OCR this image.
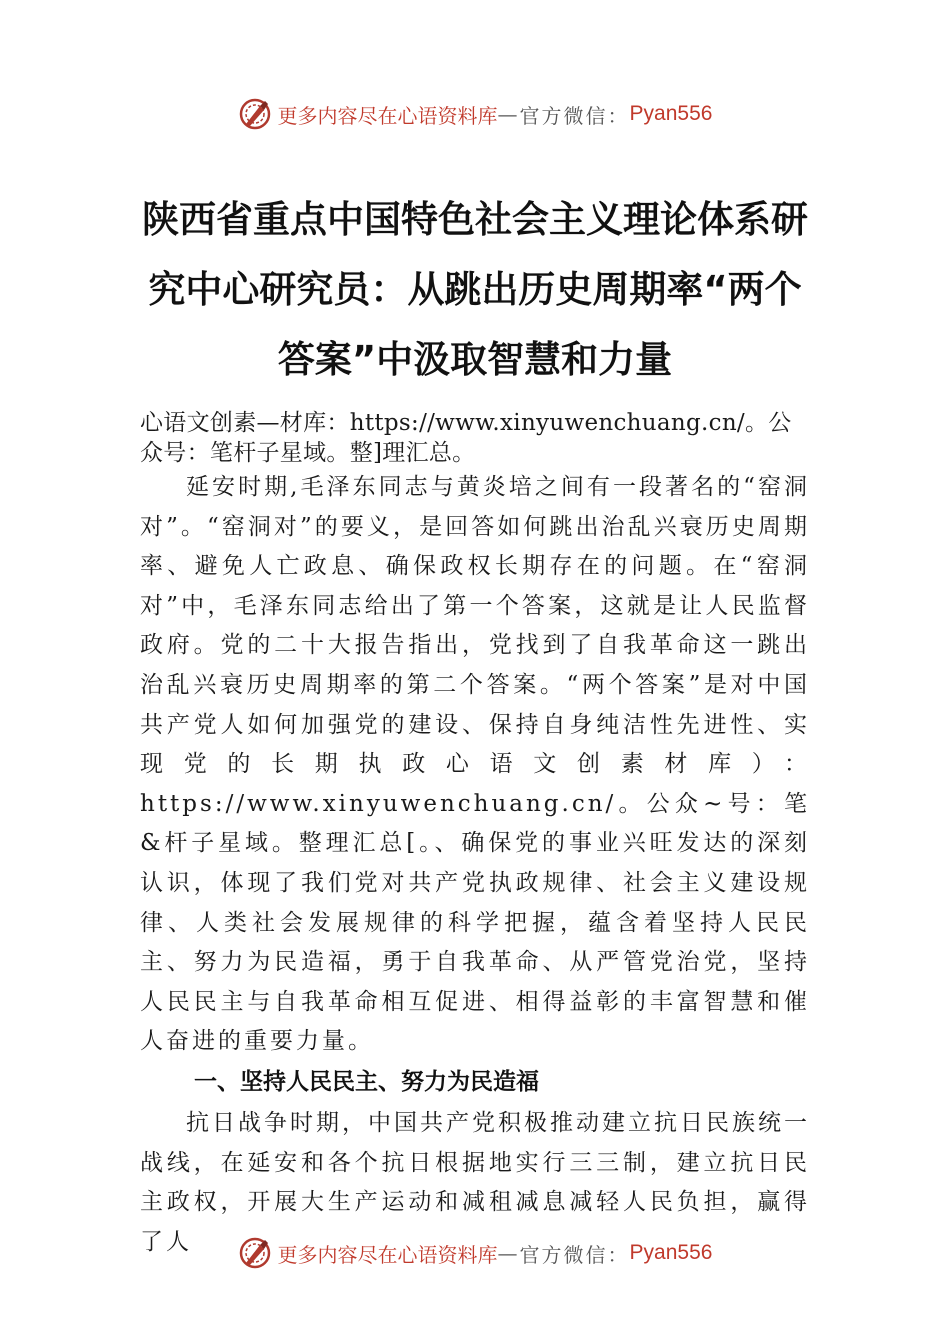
更多内容尽在心语资料库 — 官方微信： Pyan556
陕西省重点中国特色社会主义理论体系研究中心研究员：从跳出历史周期率“两个答案”中汲取智慧和力量
心语文创素—材库：https://www.xinyuwenchuang.cn/。公众号：笔杆子星域。整]理汇总。
延安时期,毛泽东同志与黄炎培之间有一段著名的“窑洞对”。“窑洞对”的要义，是回答如何跳出治乱兴衰历史周期率、避免人亡政息、确保政权长期存在的问题。在“窑洞对”中，毛泽东同志给出了第一个答案，这就是让人民监督政府。党的二十大报告指出，党找到了自我革命这一跳出治乱兴衰历史周期率的第二个答案。“两个答案”是对中国共产党人如何加强党的建设、保持自身纯洁性先进性、实现党的长期执政心语文创素材库）：https://www.xinyuwenchuang.cn/。公众~号：笔&杆子星域。整理汇总[。、确保党的事业兴旺发达的深刻认识，体现了我们党对共产党执政规律、社会主义建设规律、人类社会发展规律的科学把握，蕴含着坚持人民民主、努力为民造福，勇于自我革命、从严管党治党，坚持人民民主与自我革命相互促进、相得益彰的丰富智慧和催人奋进的重要力量。
一、坚持人民民主、努力为民造福
抗日战争时期，中国共产党积极推动建立抗日民族统一战线，在延安和各个抗日根据地实行三三制，建立抗日民主政权，开展大生产运动和减租减息减轻人民负担，赢得了人	更多内容尽在心语资料库 — 官方微信： Pyan556
